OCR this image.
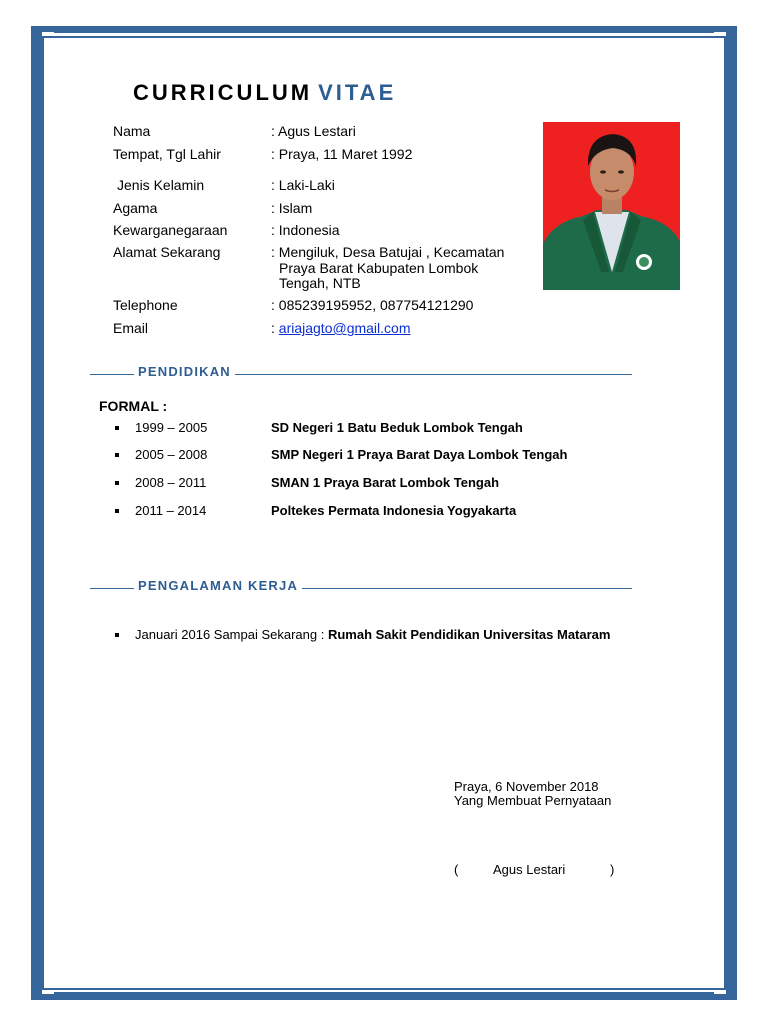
CURRICULUM VITAE
Nama	: Agus Lestari
Tempat, Tgl Lahir	: Praya, 11 Maret 1992
Jenis Kelamin	: Laki-Laki
Agama	: Islam
Kewarganegaraan	: Indonesia
Alamat Sekarang	: Mengiluk, Desa Batujai , Kecamatan
Praya Barat Kabupaten Lombok
Tengah, NTB
Telephone	: 085239195952, 087754121290
Email	: ariajagto@gmail.com
PENDIDIKAN
FORMAL :
1999 – 2005	SD Negeri 1 Batu Beduk Lombok Tengah
2005 – 2008	SMP Negeri 1 Praya Barat Daya Lombok Tengah
2008 – 2011	SMAN 1 Praya Barat Lombok Tengah
2011 – 2014	Poltekes Permata Indonesia Yogyakarta
PENGALAMAN KERJA
Januari 2016 Sampai Sekarang : Rumah Sakit Pendidikan Universitas Mataram
Praya, 6 November 2018
Yang Membuat Pernyataan
(	Agus Lestari	)
